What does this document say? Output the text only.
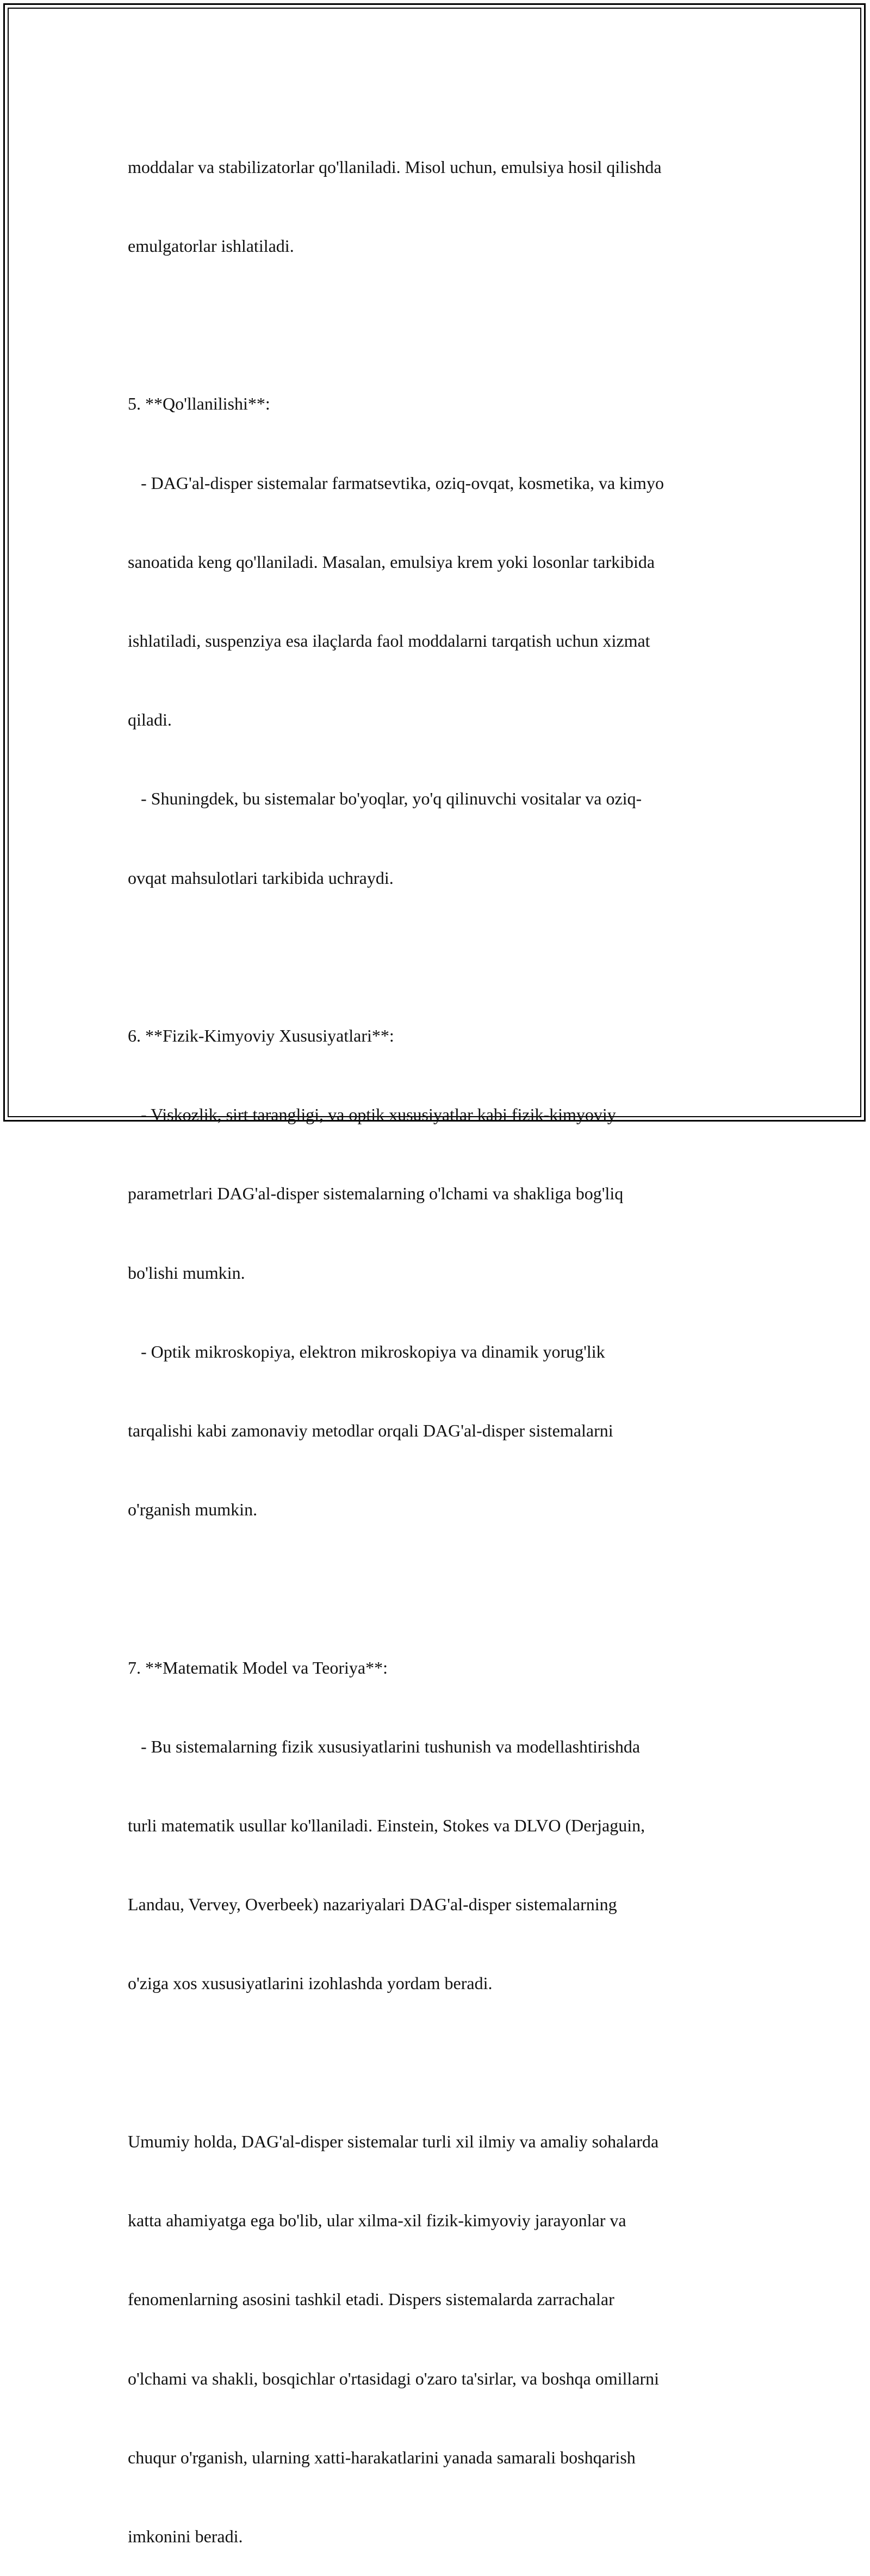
moddalar va stabilizatorlar qo'llaniladi. Misol uchun, emulsiya hosil qilishda

emulgatorlar ishlatiladi.

5. **Qo'llanilishi**:

- DAG'al-disper sistemalar farmatsevtika, oziq-ovqat, kosmetika, va kimyo

sanoatida keng qo'llaniladi. Masalan, emulsiya krem yoki losonlar tarkibida

ishlatiladi, suspenziya esa ilaçlarda faol moddalarni tarqatish uchun xizmat

qiladi.

- Shuningdek, bu sistemalar bo'yoqlar, yo'q qilinuvchi vositalar va oziq-

ovqat mahsulotlari tarkibida uchraydi.

6. **Fizik-Kimyoviy Xususiyatlari**:

- Viskozlik, sirt tarangligi, va optik xususiyatlar kabi fizik-kimyoviy

parametrlari DAG'al-disper sistemalarning o'lchami va shakliga bog'liq

bo'lishi mumkin.

- Optik mikroskopiya, elektron mikroskopiya va dinamik yorug'lik

tarqalishi kabi zamonaviy metodlar orqali DAG'al-disper sistemalarni

o'rganish mumkin.

7. **Matematik Model va Teoriya**:

- Bu sistemalarning fizik xususiyatlarini tushunish va modellashtirishda

turli matematik usullar ko'llaniladi. Einstein, Stokes va DLVO (Derjaguin,

Landau, Vervey, Overbeek) nazariyalari DAG'al-disper sistemalarning

o'ziga xos xususiyatlarini izohlashda yordam beradi.

Umumiy holda, DAG'al-disper sistemalar turli xil ilmiy va amaliy sohalarda

katta ahamiyatga ega bo'lib, ular xilma-xil fizik-kimyoviy jarayonlar va

fenomenlarning asosini tashkil etadi. Dispers sistemalarda zarrachalar

o'lchami va shakli, bosqichlar o'rtasidagi o'zaro ta'sirlar, va boshqa omillarni

chuqur o'rganish, ularning xatti-harakatlarini yanada samarali boshqarish

imkonini beradi.
